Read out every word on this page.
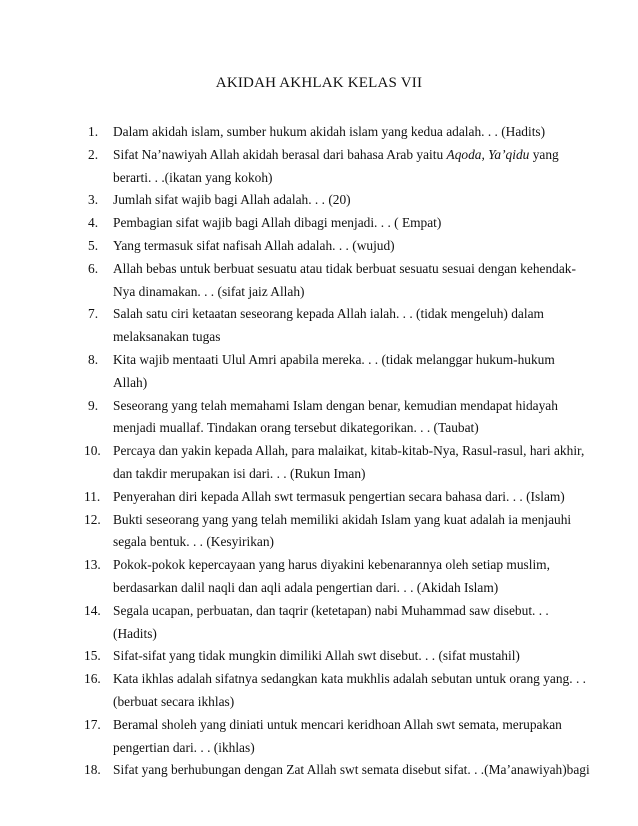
AKIDAH AKHLAK KELAS VII
1. Dalam akidah islam, sumber hukum akidah islam yang kedua adalah. . . (Hadits)
2. Sifat Na’nawiyah Allah akidah berasal dari bahasa Arab yaitu Aqoda, Ya’qidu yang
berarti. . .(ikatan yang kokoh)
3. Jumlah sifat wajib bagi Allah adalah. . . (20)
4. Pembagian sifat wajib bagi Allah dibagi menjadi. . . ( Empat)
5. Yang termasuk sifat nafisah Allah adalah. . . (wujud)
6. Allah bebas untuk berbuat sesuatu atau tidak berbuat sesuatu sesuai dengan kehendak-
Nya dinamakan. . . (sifat jaiz Allah)
7. Salah satu ciri ketaatan seseorang kepada Allah ialah. . . (tidak mengeluh) dalam
melaksanakan tugas
8. Kita wajib mentaati Ulul Amri apabila mereka. . . (tidak melanggar hukum-hukum
Allah)
9. Seseorang yang telah memahami Islam dengan benar, kemudian mendapat hidayah
menjadi muallaf. Tindakan orang tersebut dikategorikan. . . (Taubat)
10. Percaya dan yakin kepada Allah, para malaikat, kitab-kitab-Nya, Rasul-rasul, hari akhir,
dan takdir merupakan isi dari. . . (Rukun Iman)
11. Penyerahan diri kepada Allah swt termasuk pengertian secara bahasa dari. . . (Islam)
12. Bukti seseorang yang yang telah memiliki akidah Islam yang kuat adalah ia menjauhi
segala bentuk. . . (Kesyirikan)
13. Pokok-pokok kepercayaan yang harus diyakini kebenarannya oleh setiap muslim,
berdasarkan dalil naqli dan aqli adala pengertian dari. . . (Akidah Islam)
14. Segala ucapan, perbuatan, dan taqrir (ketetapan) nabi Muhammad saw disebut. . .
(Hadits)
15. Sifat-sifat yang tidak mungkin dimiliki Allah swt disebut. . . (sifat mustahil)
16. Kata ikhlas adalah sifatnya sedangkan kata mukhlis adalah sebutan untuk orang yang. . .
(berbuat secara ikhlas)
17. Beramal sholeh yang diniati untuk mencari keridhoan Allah swt semata, merupakan
pengertian dari. . . (ikhlas)
18. Sifat yang berhubungan dengan Zat Allah swt semata disebut sifat. . .(Ma’anawiyah)bagi
